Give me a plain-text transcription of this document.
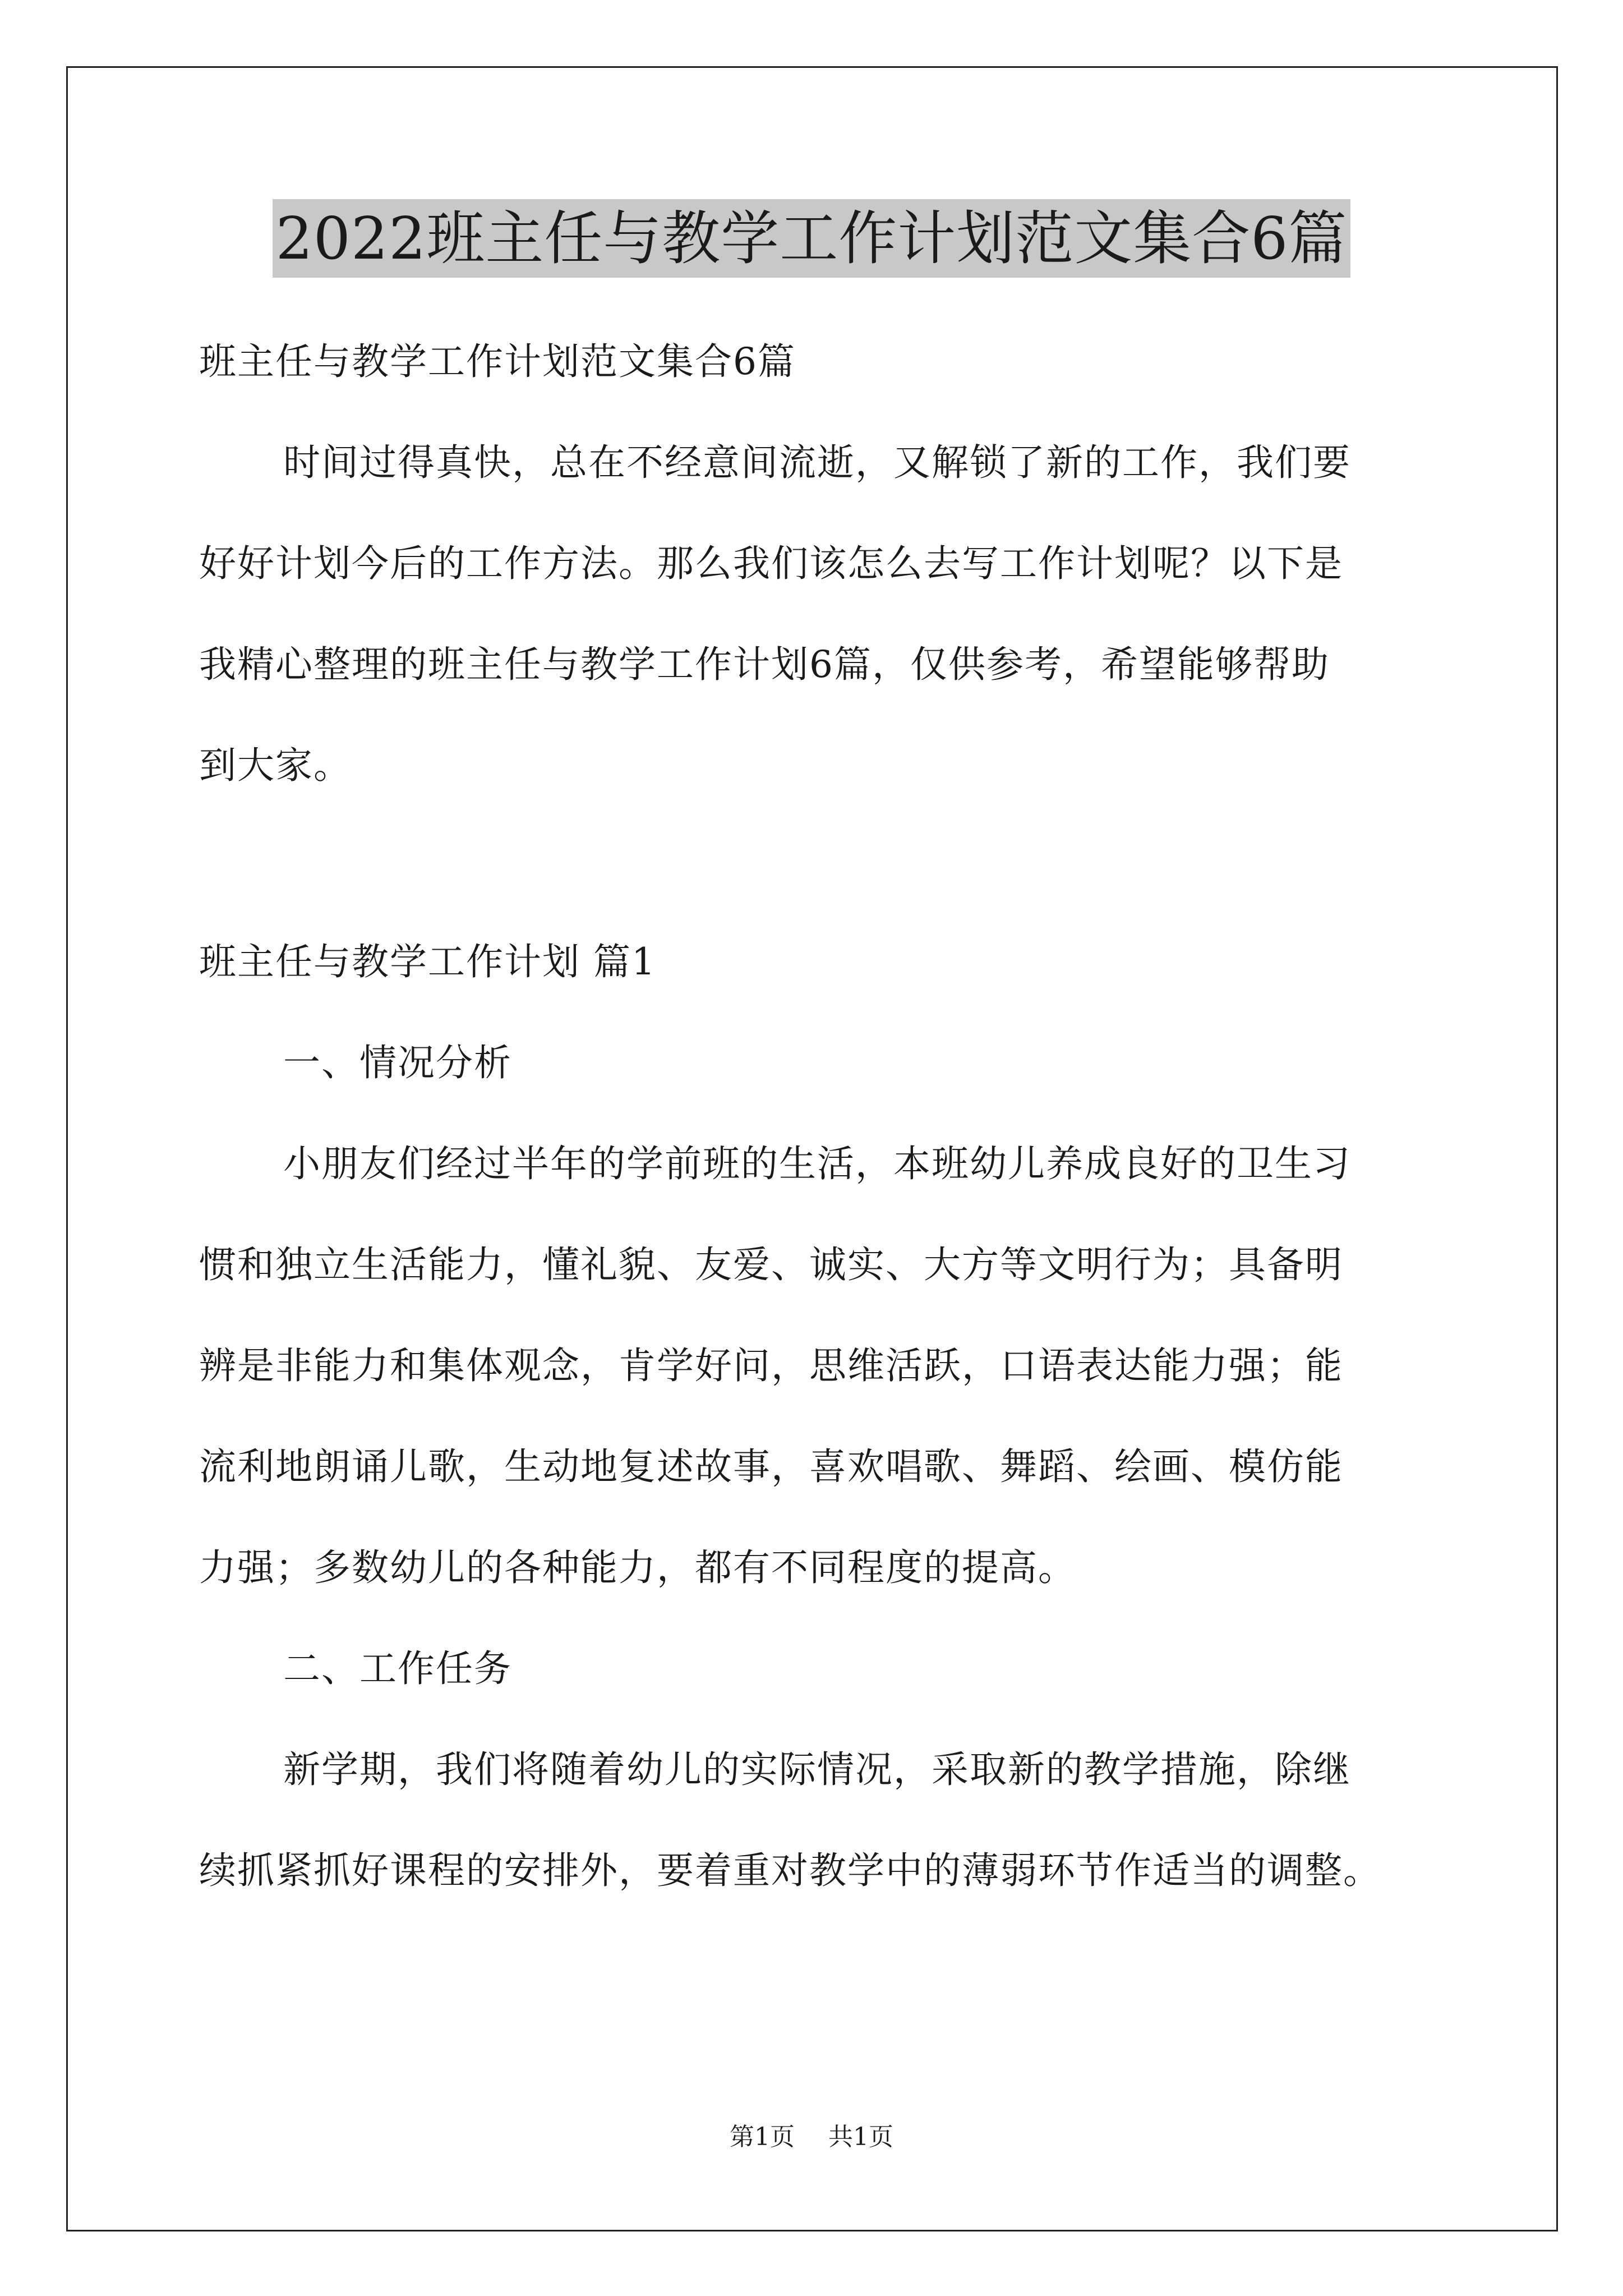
2022班主任与教学工作计划范文集合6篇
班主任与教学工作计划范文集合6篇
时间过得真快，总在不经意间流逝，又解锁了新的工作，我们要
好好计划今后的工作方法。那么我们该怎么去写工作计划呢？以下是
我精心整理的班主任与教学工作计划6篇，仅供参考，希望能够帮助
到大家。
班主任与教学工作计划 篇1
一、情况分析
小朋友们经过半年的学前班的生活，本班幼儿养成良好的卫生习
惯和独立生活能力，懂礼貌、友爱、诚实、大方等文明行为；具备明
辨是非能力和集体观念，肯学好问，思维活跃，口语表达能力强；能
流利地朗诵儿歌，生动地复述故事，喜欢唱歌、舞蹈、绘画、模仿能
力强；多数幼儿的各种能力，都有不同程度的提高。
二、工作任务
新学期，我们将随着幼儿的实际情况，采取新的教学措施，除继
续抓紧抓好课程的安排外，要着重对教学中的薄弱环节作适当的调整。
第1页 共1页
